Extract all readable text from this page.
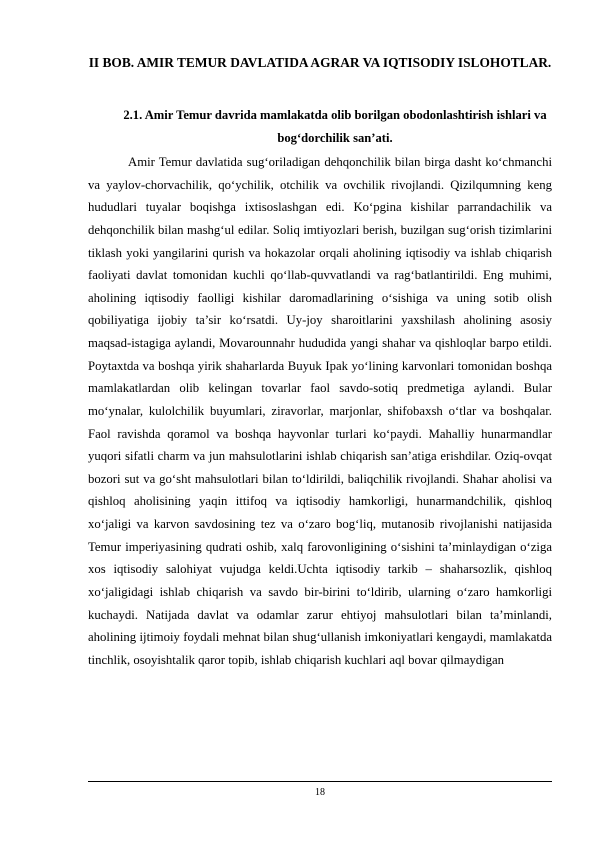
II BOB. AMIR TEMUR DAVLATIDA AGRAR VA IQTISODIY ISLOHOTLAR.
2.1. Amir Temur davrida mamlakatda olib borilgan obodonlashtirish ishlari va bog‘dorchilik san’ati.

Amir Temur davlatida sug‘oriladigan dehqonchilik bilan birga dasht ko‘chmanchi va yaylov-chorvachilik, qo‘ychilik, otchilik va ovchilik rivojlandi. Qizilqumning keng hududlari tuyalar boqishga ixtisoslashgan edi. Ko‘pgina kishilar parrandachilik va dehqonchilik bilan mashg‘ul edilar. Soliq imtiyozlari berish, buzilgan sug‘orish tizimlarini tiklash yoki yangilarini qurish va hokazolar orqali aholining iqtisodiy va ishlab chiqarish faoliyati davlat tomonidan kuchli qo‘llab-quvvatlandi va rag‘batlantirildi. Eng muhimi, aholining iqtisodiy faolligi kishilar daromadlarining o‘sishiga va uning sotib olish qobiliyatiga ijobiy ta’sir ko‘rsatdi. Uy-joy sharoitlarini yaxshilash aholining asosiy maqsad-istagiga aylandi, Movarounnahr hududida yangi shahar va qishloqlar barpo etildi. Poytaxtda va boshqa yirik shaharlarda Buyuk Ipak yo‘lining karvonlari tomonidan boshqa mamlakatlardan olib kelingan tovarlar faol savdo-sotiq predmetiga aylandi. Bular mo‘ynalar, kulolchilik buyumlari, ziravorlar, marjonlar, shifobaxsh o‘tlar va boshqalar. Faol ravishda qoramol va boshqa hayvonlar turlari ko‘paydi. Mahalliy hunarmandlar yuqori sifatli charm va jun mahsulotlarini ishlab chiqarish san’atiga erishdilar. Oziq-ovqat bozori sut va go‘sht mahsulotlari bilan to‘ldirildi, baliqchilik rivojlandi. Shahar aholisi va qishloq aholisining yaqin ittifoq va iqtisodiy hamkorligi, hunarmandchilik, qishloq xo‘jaligi va karvon savdosining tez va o‘zaro bog‘liq, mutanosib rivojlanishi natijasida Temur imperiyasining qudrati oshib, xalq farovonligining o‘sishini ta’minlaydigan o‘ziga xos iqtisodiy salohiyat vujudga keldi.Uchta iqtisodiy tarkib – shaharsozlik, qishloq xo‘jaligidagi ishlab chiqarish va savdo bir-birini to‘ldirib, ularning o‘zaro hamkorligi kuchaydi. Natijada davlat va odamlar zarur ehtiyoj mahsulotlari bilan ta’minlandi, aholining ijtimoiy foydali mehnat bilan shug‘ullanish imkoniyatlari kengaydi, mamlakatda tinchlik, osoyishtalik qaror topib, ishlab chiqarish kuchlari aql bovar qilmaydigan

18
